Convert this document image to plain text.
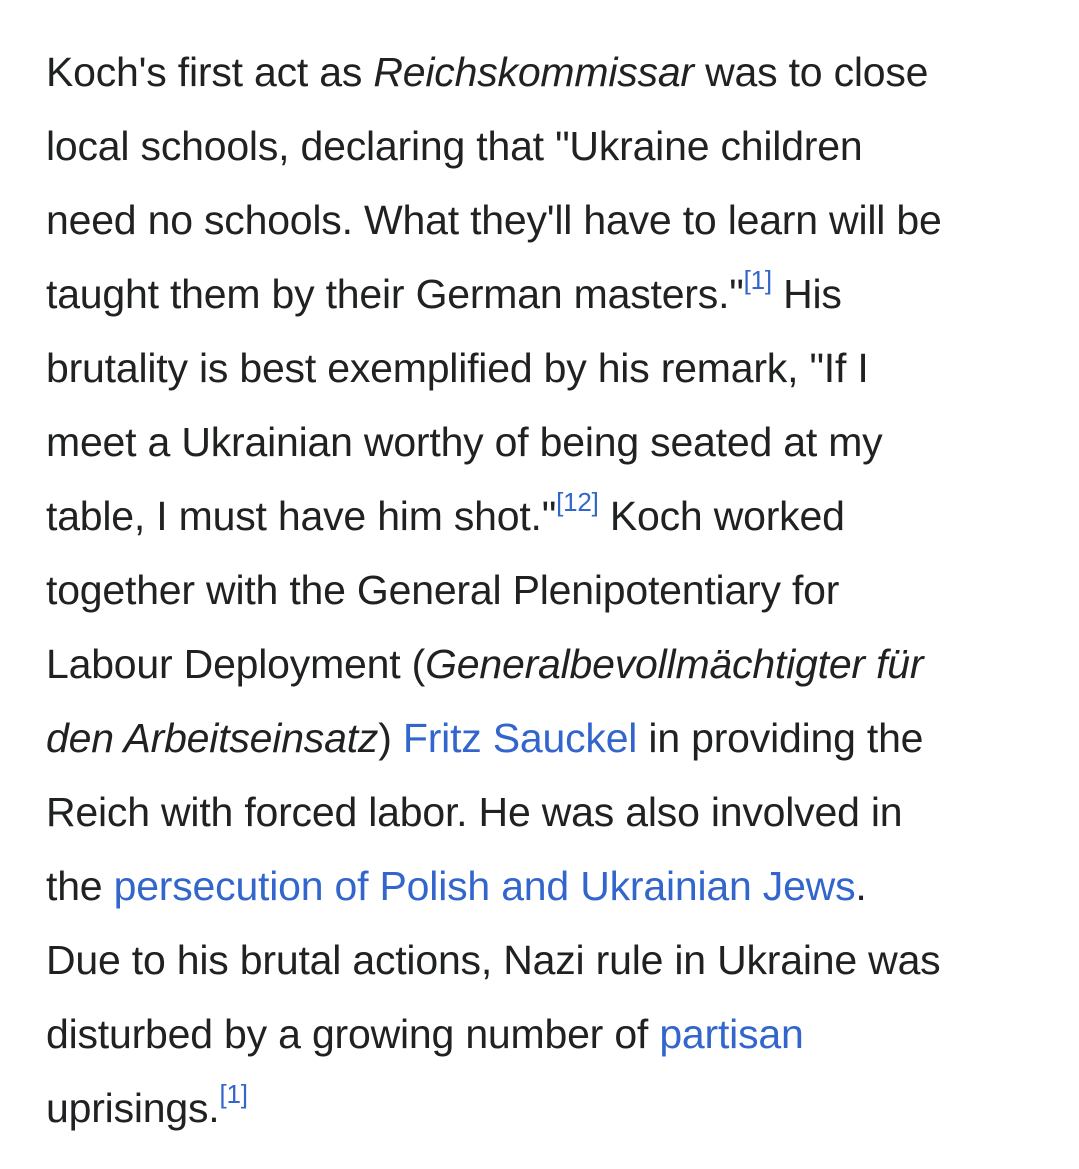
Koch's first act as Reichskommissar was to close
local schools, declaring that "Ukraine children
need no schools. What they'll have to learn will be
taught them by their German masters."[1] His
brutality is best exemplified by his remark, "If I
meet a Ukrainian worthy of being seated at my
table, I must have him shot."[12] Koch worked
together with the General Plenipotentiary for
Labour Deployment (Generalbevollmächtigter für
den Arbeitseinsatz) Fritz Sauckel in providing the
Reich with forced labor. He was also involved in
the persecution of Polish and Ukrainian Jews.
Due to his brutal actions, Nazi rule in Ukraine was
disturbed by a growing number of partisan
uprisings.[1]
